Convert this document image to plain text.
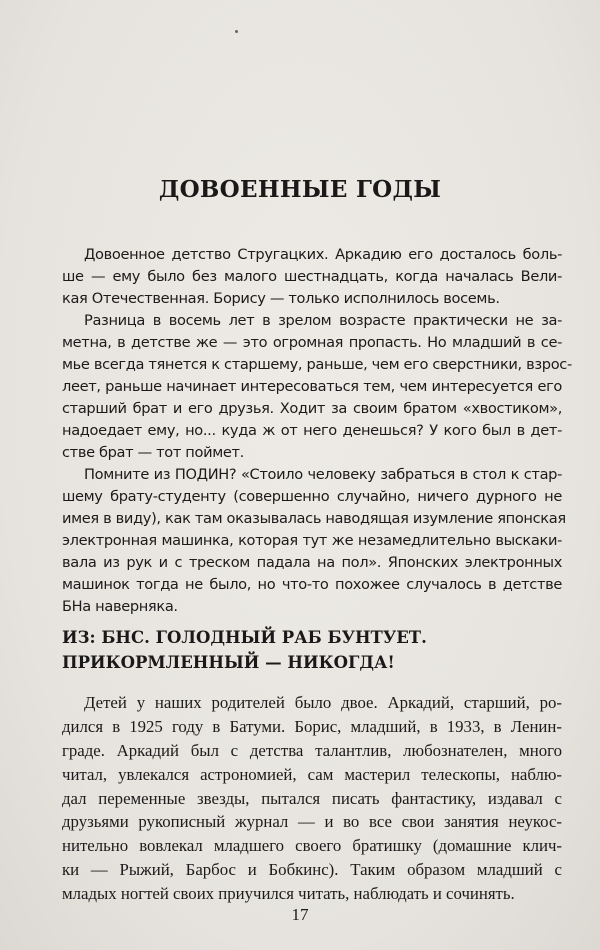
ДОВОЕННЫЕ ГОДЫ
Довоенное детство Стругацких. Аркадию его досталось боль-
ше — ему было без малого шестнадцать, когда началась Вели-
кая Отечественная. Борису — только исполнилось восемь.
Разница в восемь лет в зрелом возрасте практически не за-
метна, в детстве же — это огромная пропасть. Но младший в се-
мье всегда тянется к старшему, раньше, чем его сверстники, взрос-
леет, раньше начинает интересоваться тем, чем интересуется его
старший брат и его друзья. Ходит за своим братом «хвостиком»,
надоедает ему, но... куда ж от него денешься? У кого был в дет-
стве брат — тот поймет.
Помните из ПОДИН? «Стоило человеку забраться в стол к стар-
шему брату-студенту (совершенно случайно, ничего дурного не
имея в виду), как там оказывалась наводящая изумление японская
электронная машинка, которая тут же незамедлительно выскаки-
вала из рук и с треском падала на пол». Японских электронных
машинок тогда не было, но что-то похожее случалось в детстве
БНа наверняка.
ИЗ: БНС. ГОЛОДНЫЙ РАБ БУНТУЕТ.
ПРИКОРМЛЕННЫЙ — НИКОГДА!
Детей у наших родителей было двое. Аркадий, старший, ро-
дился в 1925 году в Батуми. Борис, младший, в 1933, в Ленин-
граде. Аркадий был с детства талантлив, любознателен, много
читал, увлекался астрономией, сам мастерил телескопы, наблю-
дал переменные звезды, пытался писать фантастику, издавал с
друзьями рукописный журнал — и во все свои занятия неукос-
нительно вовлекал младшего своего братишку (домашние клич-
ки — Рыжий, Барбос и Бобкинс). Таким образом младший с
младых ногтей своих приучился читать, наблюдать и сочинять.
17
